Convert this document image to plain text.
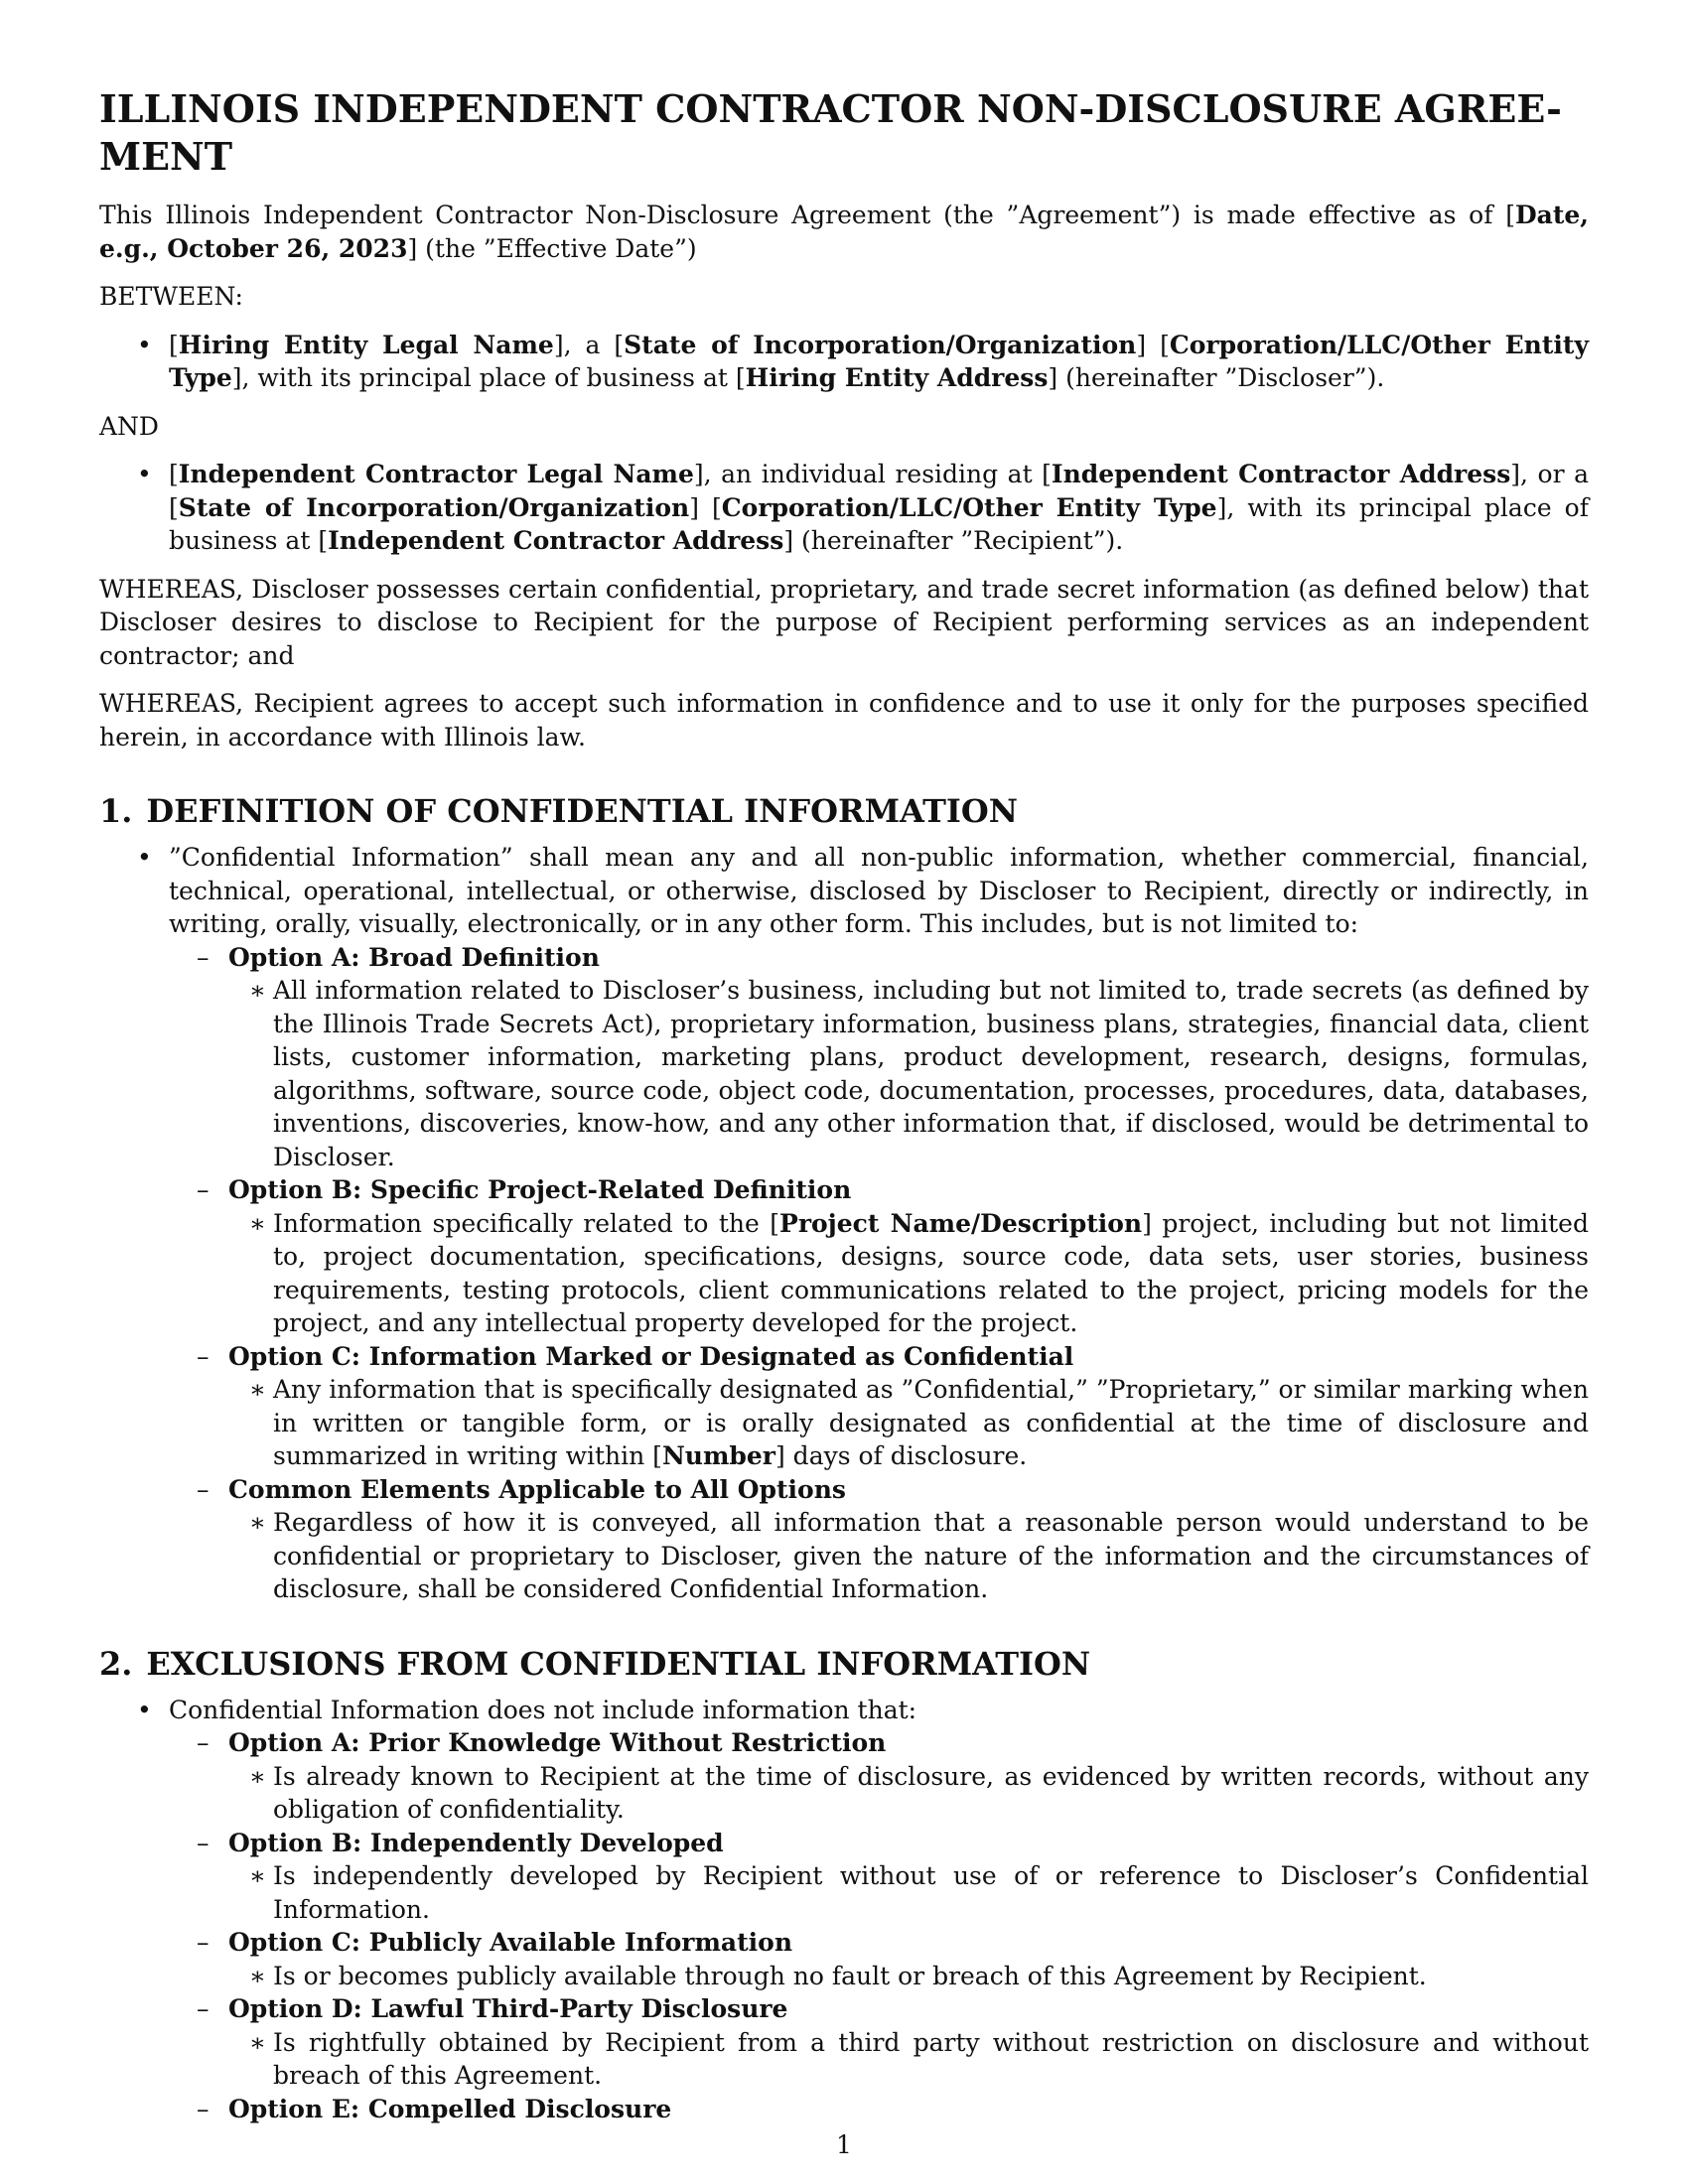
ILLINOIS INDEPENDENT CONTRACTOR NON-DISCLOSURE AGREE-
MENT

This Illinois Independent Contractor Non-Disclosure Agreement (the ”Agreement”) is made effective as of [Date, e.g., October 26, 2023] (the ”Effective Date”)

BETWEEN:

• [Hiring Entity Legal Name], a [State of Incorporation/Organization] [Corporation/LLC/Other Entity Type], with its principal place of business at [Hiring Entity Address] (hereinafter ”Discloser”).

AND

• [Independent Contractor Legal Name], an individual residing at [Independent Contractor Address], or a [State of Incorporation/Organization] [Corporation/LLC/Other Entity Type], with its principal place of business at [Independent Contractor Address] (hereinafter ”Recipient”).

WHEREAS, Discloser possesses certain confidential, proprietary, and trade secret information (as defined below) that Discloser desires to disclose to Recipient for the purpose of Recipient performing services as an independent contractor; and

WHEREAS, Recipient agrees to accept such information in confidence and to use it only for the purposes specified herein, in accordance with Illinois law.

1. DEFINITION OF CONFIDENTIAL INFORMATION
• ”Confidential Information” shall mean any and all non-public information, whether commercial, financial, technical, operational, intellectual, or otherwise, disclosed by Discloser to Recipient, directly or indirectly, in writing, orally, visually, electronically, or in any other form. This includes, but is not limited to:
– Option A: Broad Definition
∗ All information related to Discloser’s business, including but not limited to, trade secrets (as defined by the Illinois Trade Secrets Act), proprietary information, business plans, strategies, financial data, client lists, customer information, marketing plans, product development, research, designs, formulas, algorithms, software, source code, object code, documentation, processes, procedures, data, databases, inventions, discoveries, know-how, and any other information that, if disclosed, would be detrimental to Discloser.
– Option B: Specific Project-Related Definition
∗ Information specifically related to the [Project Name/Description] project, including but not limited to, project documentation, specifications, designs, source code, data sets, user stories, business requirements, testing protocols, client communications related to the project, pricing models for the project, and any intellectual property developed for the project.
– Option C: Information Marked or Designated as Confidential
∗ Any information that is specifically designated as ”Confidential,” ”Proprietary,” or similar marking when in written or tangible form, or is orally designated as confidential at the time of disclosure and summarized in writing within [Number] days of disclosure.
– Common Elements Applicable to All Options
∗ Regardless of how it is conveyed, all information that a reasonable person would understand to be confidential or proprietary to Discloser, given the nature of the information and the circumstances of disclosure, shall be considered Confidential Information.
2. EXCLUSIONS FROM CONFIDENTIAL INFORMATION
• Confidential Information does not include information that:
– Option A: Prior Knowledge Without Restriction
∗ Is already known to Recipient at the time of disclosure, as evidenced by written records, without any obligation of confidentiality.
– Option B: Independently Developed
∗ Is independently developed by Recipient without use of or reference to Discloser’s Confidential Information.
– Option C: Publicly Available Information
∗ Is or becomes publicly available through no fault or breach of this Agreement by Recipient.
– Option D: Lawful Third-Party Disclosure
∗ Is rightfully obtained by Recipient from a third party without restriction on disclosure and without breach of this Agreement.
– Option E: Compelled Disclosure
1
